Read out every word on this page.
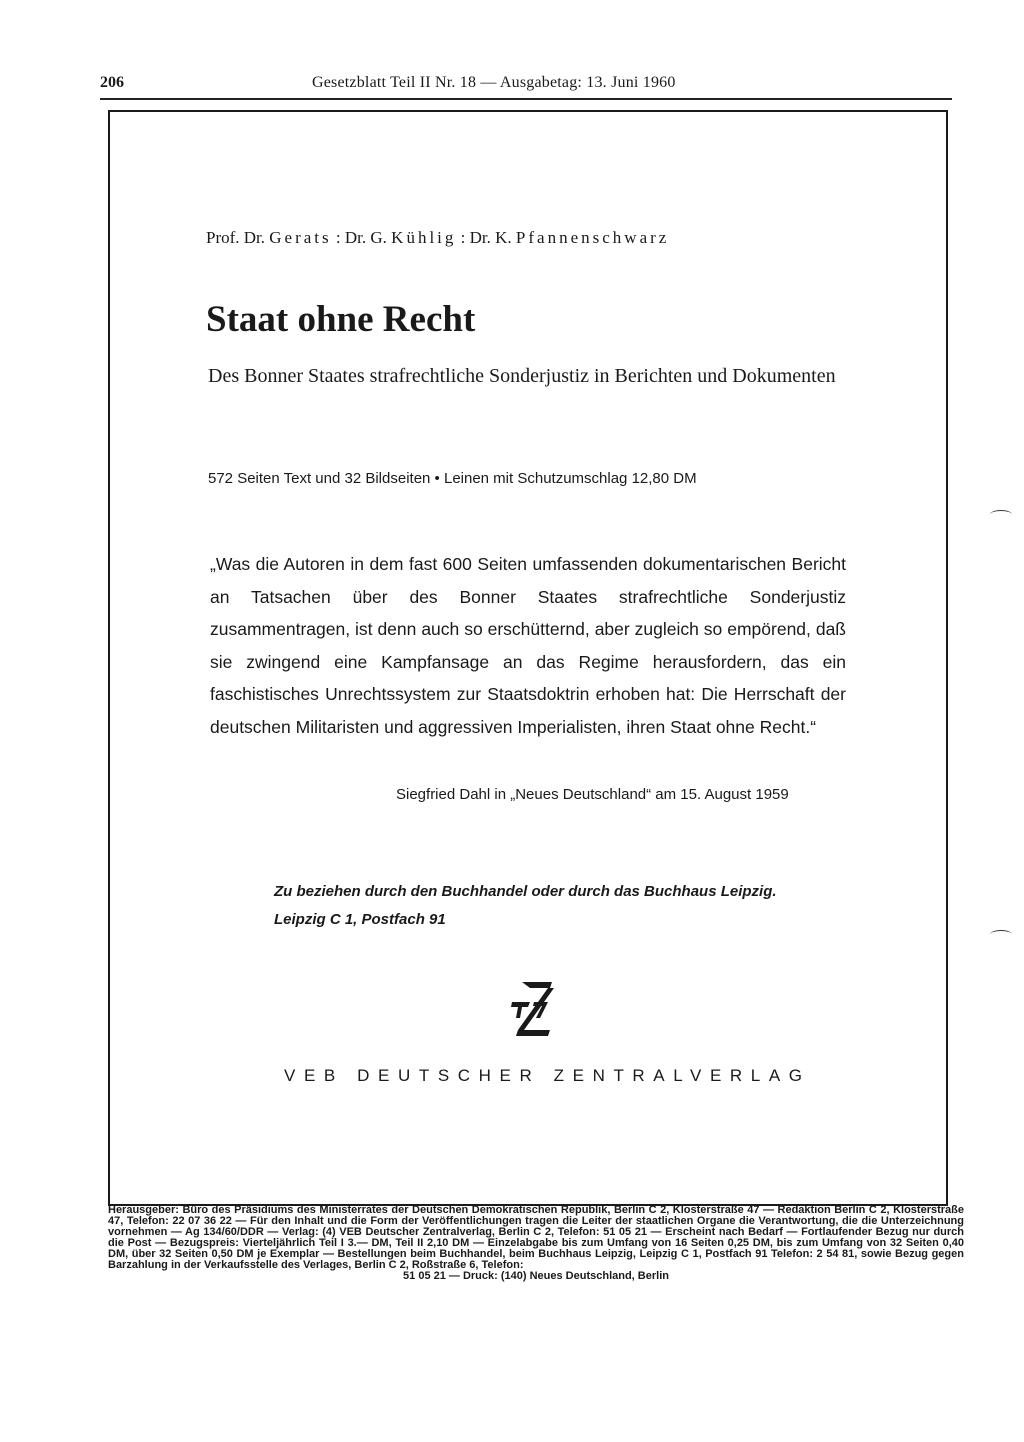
206	Gesetzblatt Teil II Nr. 18 — Ausgabetag: 13. Juni 1960
Prof. Dr. Gerats : Dr. G. Kühlig : Dr. K. Pfannenschwarz
Staat ohne Recht
Des Bonner Staates strafrechtliche Sonderjustiz in Berichten und Dokumenten
572 Seiten Text und 32 Bildseiten • Leinen mit Schutzumschlag 12,80 DM
„Was die Autoren in dem fast 600 Seiten umfassenden dokumentarischen Bericht an Tatsachen über des Bonner Staates strafrechtliche Sonderjustiz zusammentragen, ist denn auch so erschütternd, aber zugleich so empörend, daß sie zwingend eine Kampfansage an das Regime herausfordern, das ein faschistisches Unrechtssystem zur Staatsdoktrin erhoben hat: Die Herrschaft der deutschen Militaristen und aggressiven Imperialisten, ihren Staat ohne Recht.“
Siegfried Dahl in „Neues Deutschland“ am 15. August 1959
Zu beziehen durch den Buchhandel oder durch das Buchhaus Leipzig.
Leipzig C 1, Postfach 91
VEB DEUTSCHER ZENTRALVERLAG
Herausgeber: Büro des Präsidiums des Ministerrates der Deutschen Demokratischen Republik, Berlin C 2, Klosterstraße 47 — Redaktion Berlin C 2, Klosterstraße 47, Telefon: 22 07 36 22 — Für den Inhalt und die Form der Veröffentlichungen tragen die Leiter der staatlichen Organe die Verantwortung, die die Unterzeichnung vornehmen — Ag 134/60/DDR — Verlag: (4) VEB Deutscher Zentralverlag, Berlin C 2, Telefon: 51 05 21 — Erscheint nach Bedarf — Fortlaufender Bezug nur durch die Post — Bezugspreis: Vierteljährlich Teil I 3.— DM, Teil II 2,10 DM — Einzelabgabe bis zum Umfang von 16 Seiten 0,25 DM, bis zum Umfang von 32 Seiten 0,40 DM, über 32 Seiten 0,50 DM je Exemplar — Bestellungen beim Buchhandel, beim Buchhaus Leipzig, Leipzig C 1, Postfach 91 Telefon: 2 54 81, sowie Bezug gegen Barzahlung in der Verkaufsstelle des Verlages, Berlin C 2, Roßstraße 6, Telefon:
51 05 21 — Druck: (140) Neues Deutschland, Berlin
